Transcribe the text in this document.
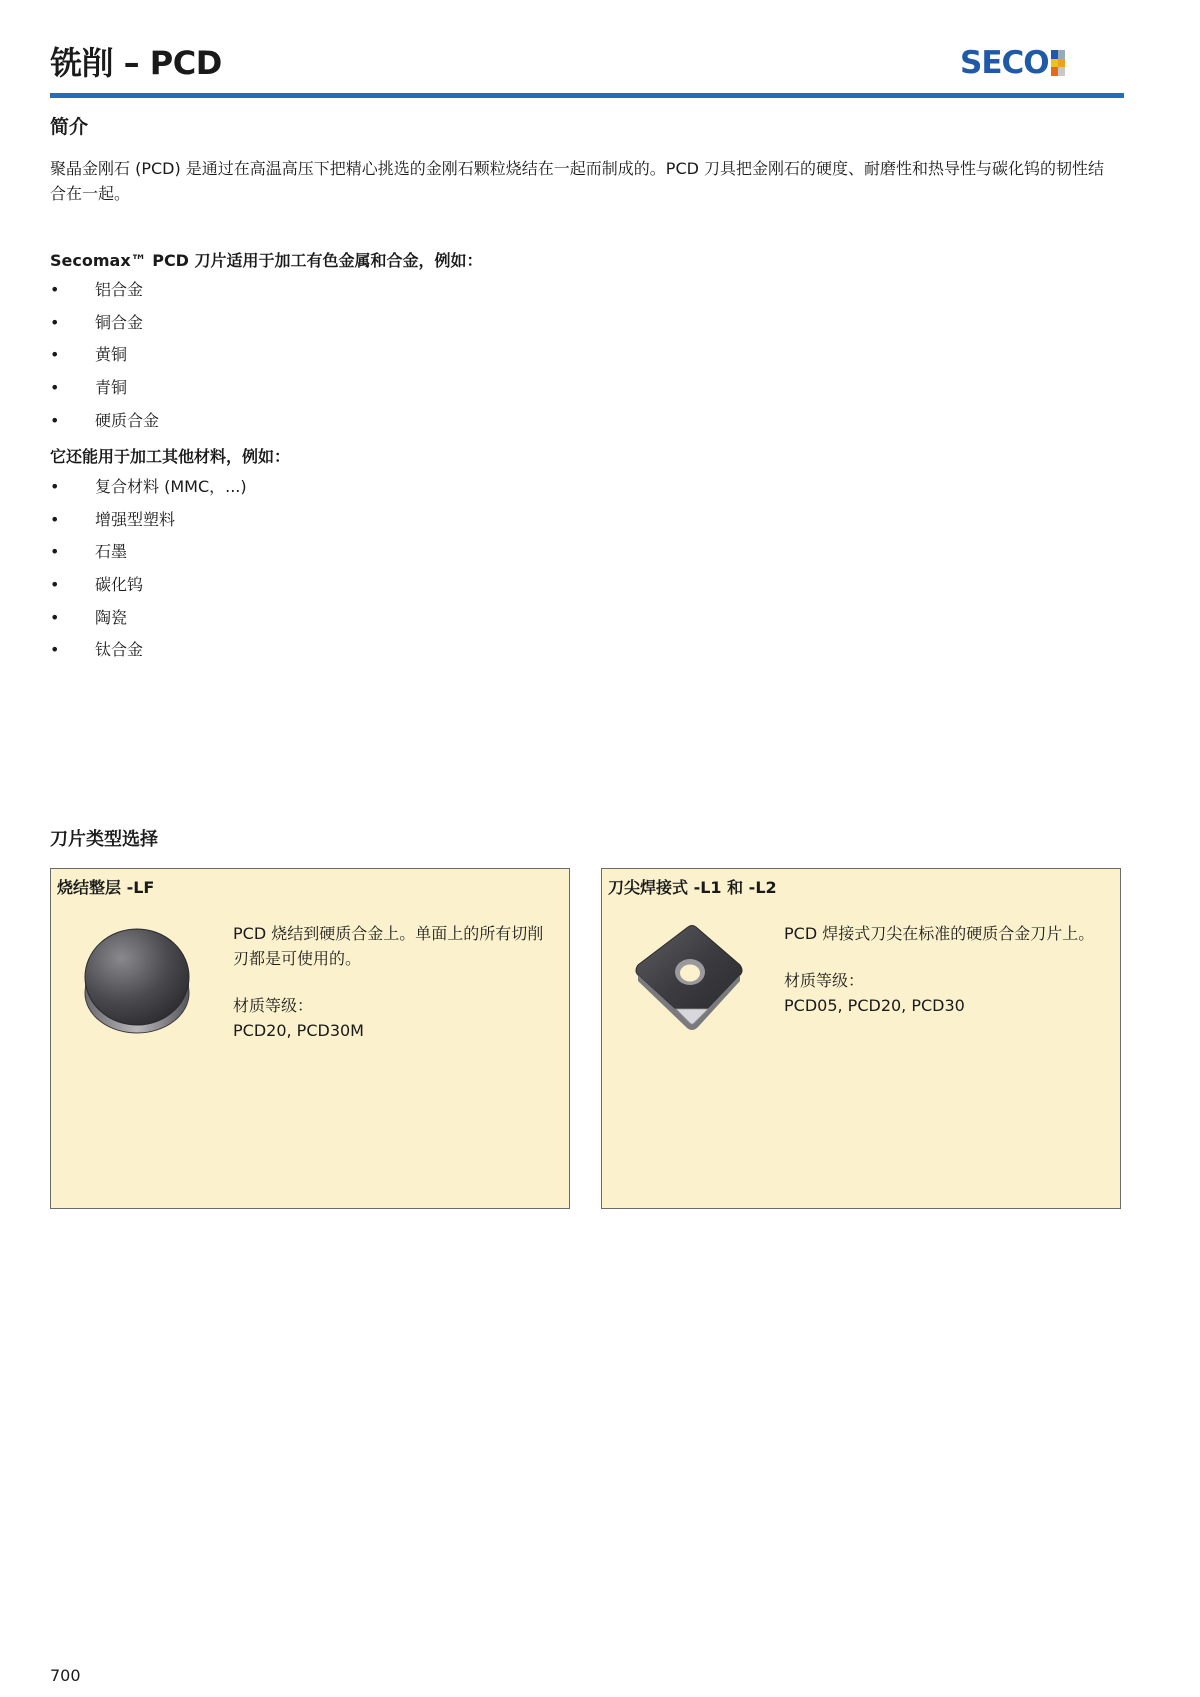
铣削 – PCD	SECO
简介
聚晶金刚石 (PCD) 是通过在高温高压下把精心挑选的金刚石颗粒烧结在一起而制成的。PCD 刀具把金刚石的硬度、耐磨性和热导性与碳化钨的韧性结合在一起。
Secomax™ PCD 刀片适用于加工有色金属和合金，例如：
• 铝合金
• 铜合金
• 黄铜
• 青铜
• 硬质合金
它还能用于加工其他材料，例如：
• 复合材料 (MMC，...)
• 增强型塑料
• 石墨
• 碳化钨
• 陶瓷
• 钛合金
刀片类型选择
烧结整层 -LF
PCD 烧结到硬质合金上。单面上的所有切削刃都是可使用的。
材质等级：
PCD20, PCD30M
刀尖焊接式 -L1 和 -L2
PCD 焊接式刀尖在标准的硬质合金刀片上。
材质等级：
PCD05, PCD20, PCD30
700
